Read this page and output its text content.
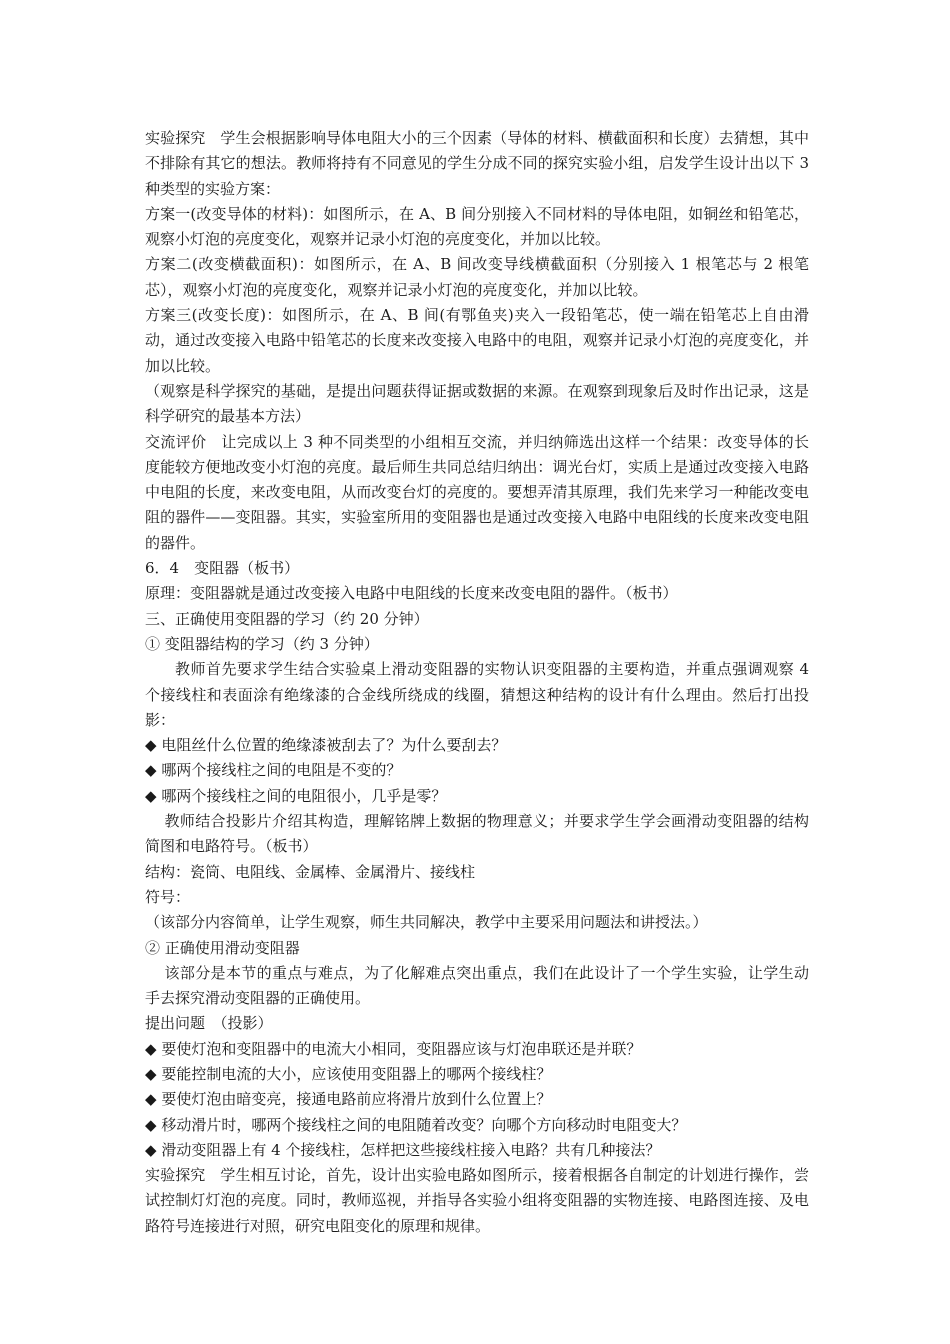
实验探究 学生会根据影响导体电阻大小的三个因素（导体的材料、横截面积和长度）去猜想，其中不排除有其它的想法。教师将持有不同意见的学生分成不同的探究实验小组，启发学生设计出以下 3 种类型的实验方案：

方案一(改变导体的材料)：如图所示，在 A、B 间分别接入不同材料的导体电阻，如铜丝和铅笔芯，观察小灯泡的亮度变化，观察并记录小灯泡的亮度变化，并加以比较。

方案二(改变横截面积)：如图所示，在 A、B 间改变导线横截面积（分别接入 1 根笔芯与 2 根笔芯），观察小灯泡的亮度变化，观察并记录小灯泡的亮度变化，并加以比较。

方案三(改变长度)：如图所示，在 A、B 间(有鄂鱼夹)夹入一段铅笔芯，使一端在铅笔芯上自由滑动，通过改变接入电路中铅笔芯的长度来改变接入电路中的电阻，观察并记录小灯泡的亮度变化，并加以比较。

（观察是科学探究的基础，是提出问题获得证据或数据的来源。在观察到现象后及时作出记录，这是科学研究的最基本方法）

交流评价 让完成以上 3 种不同类型的小组相互交流，并归纳筛选出这样一个结果：改变导体的长度能较方便地改变小灯泡的亮度。最后师生共同总结归纳出：调光台灯，实质上是通过改变接入电路中电阻的长度，来改变电阻，从而改变台灯的亮度的。要想弄清其原理，我们先来学习一种能改变电阻的器件——变阻器。其实，实验室所用的变阻器也是通过改变接入电路中电阻线的长度来改变电阻的器件。

6．4　变阻器（板书）

原理：变阻器就是通过改变接入电路中电阻线的长度来改变电阻的器件。（板书）

三、正确使用变阻器的学习（约 20 分钟）

① 变阻器结构的学习（约 3 分钟）

教师首先要求学生结合实验桌上滑动变阻器的实物认识变阻器的主要构造，并重点强调观察 4 个接线柱和表面涂有绝缘漆的合金线所绕成的线圈，猜想这种结构的设计有什么理由。然后打出投影：

◆ 电阻丝什么位置的绝缘漆被刮去了？为什么要刮去？

◆ 哪两个接线柱之间的电阻是不变的？

◆ 哪两个接线柱之间的电阻很小，几乎是零？

教师结合投影片介绍其构造，理解铭牌上数据的物理意义；并要求学生学会画滑动变阻器的结构简图和电路符号。（板书）

结构：瓷筒、电阻线、金属棒、金属滑片、接线柱

符号：

（该部分内容简单，让学生观察，师生共同解决，教学中主要采用问题法和讲授法。）

② 正确使用滑动变阻器

该部分是本节的重点与难点，为了化解难点突出重点，我们在此设计了一个学生实验，让学生动手去探究滑动变阻器的正确使用。

提出问题　（投影）

◆ 要使灯泡和变阻器中的电流大小相同，变阻器应该与灯泡串联还是并联？

◆ 要能控制电流的大小，应该使用变阻器上的哪两个接线柱？

◆ 要使灯泡由暗变亮，接通电路前应将滑片放到什么位置上？

◆ 移动滑片时，哪两个接线柱之间的电阻随着改变？向哪个方向移动时电阻变大？

◆ 滑动变阻器上有 4 个接线柱，怎样把这些接线柱接入电路？共有几种接法？

实验探究 学生相互讨论，首先，设计出实验电路如图所示，接着根据各自制定的计划进行操作，尝试控制灯灯泡的亮度。同时，教师巡视，并指导各实验小组将变阻器的实物连接、电路图连接、及电路符号连接进行对照，研究电阻变化的原理和规律。
